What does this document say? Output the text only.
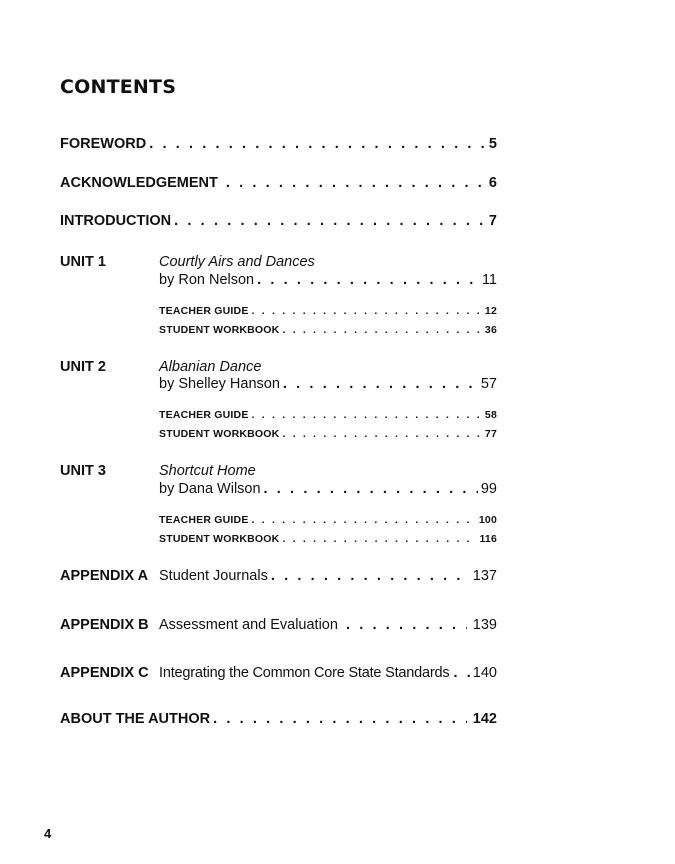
CONTENTS
FOREWORD . . .	5
ACKNOWLEDGEMENT . . .	6
INTRODUCTION . . .	7
UNIT 1	Courtly Airs and Dances
by Ron Nelson . . .	11
TEACHER GUIDE . . .	12
STUDENT WORKBOOK . . .	36
UNIT 2	Albanian Dance
by Shelley Hanson . . .	57
TEACHER GUIDE . . .	58
STUDENT WORKBOOK . . .	77
UNIT 3	Shortcut Home
by Dana Wilson . . .	99
TEACHER GUIDE . . .	100
STUDENT WORKBOOK . . .	116
APPENDIX A Student Journals . . .	137
APPENDIX B Assessment and Evaluation . . .	139
APPENDIX C Integrating the Common Core State Standards . . . 140
ABOUT THE AUTHOR . . .	142
4
